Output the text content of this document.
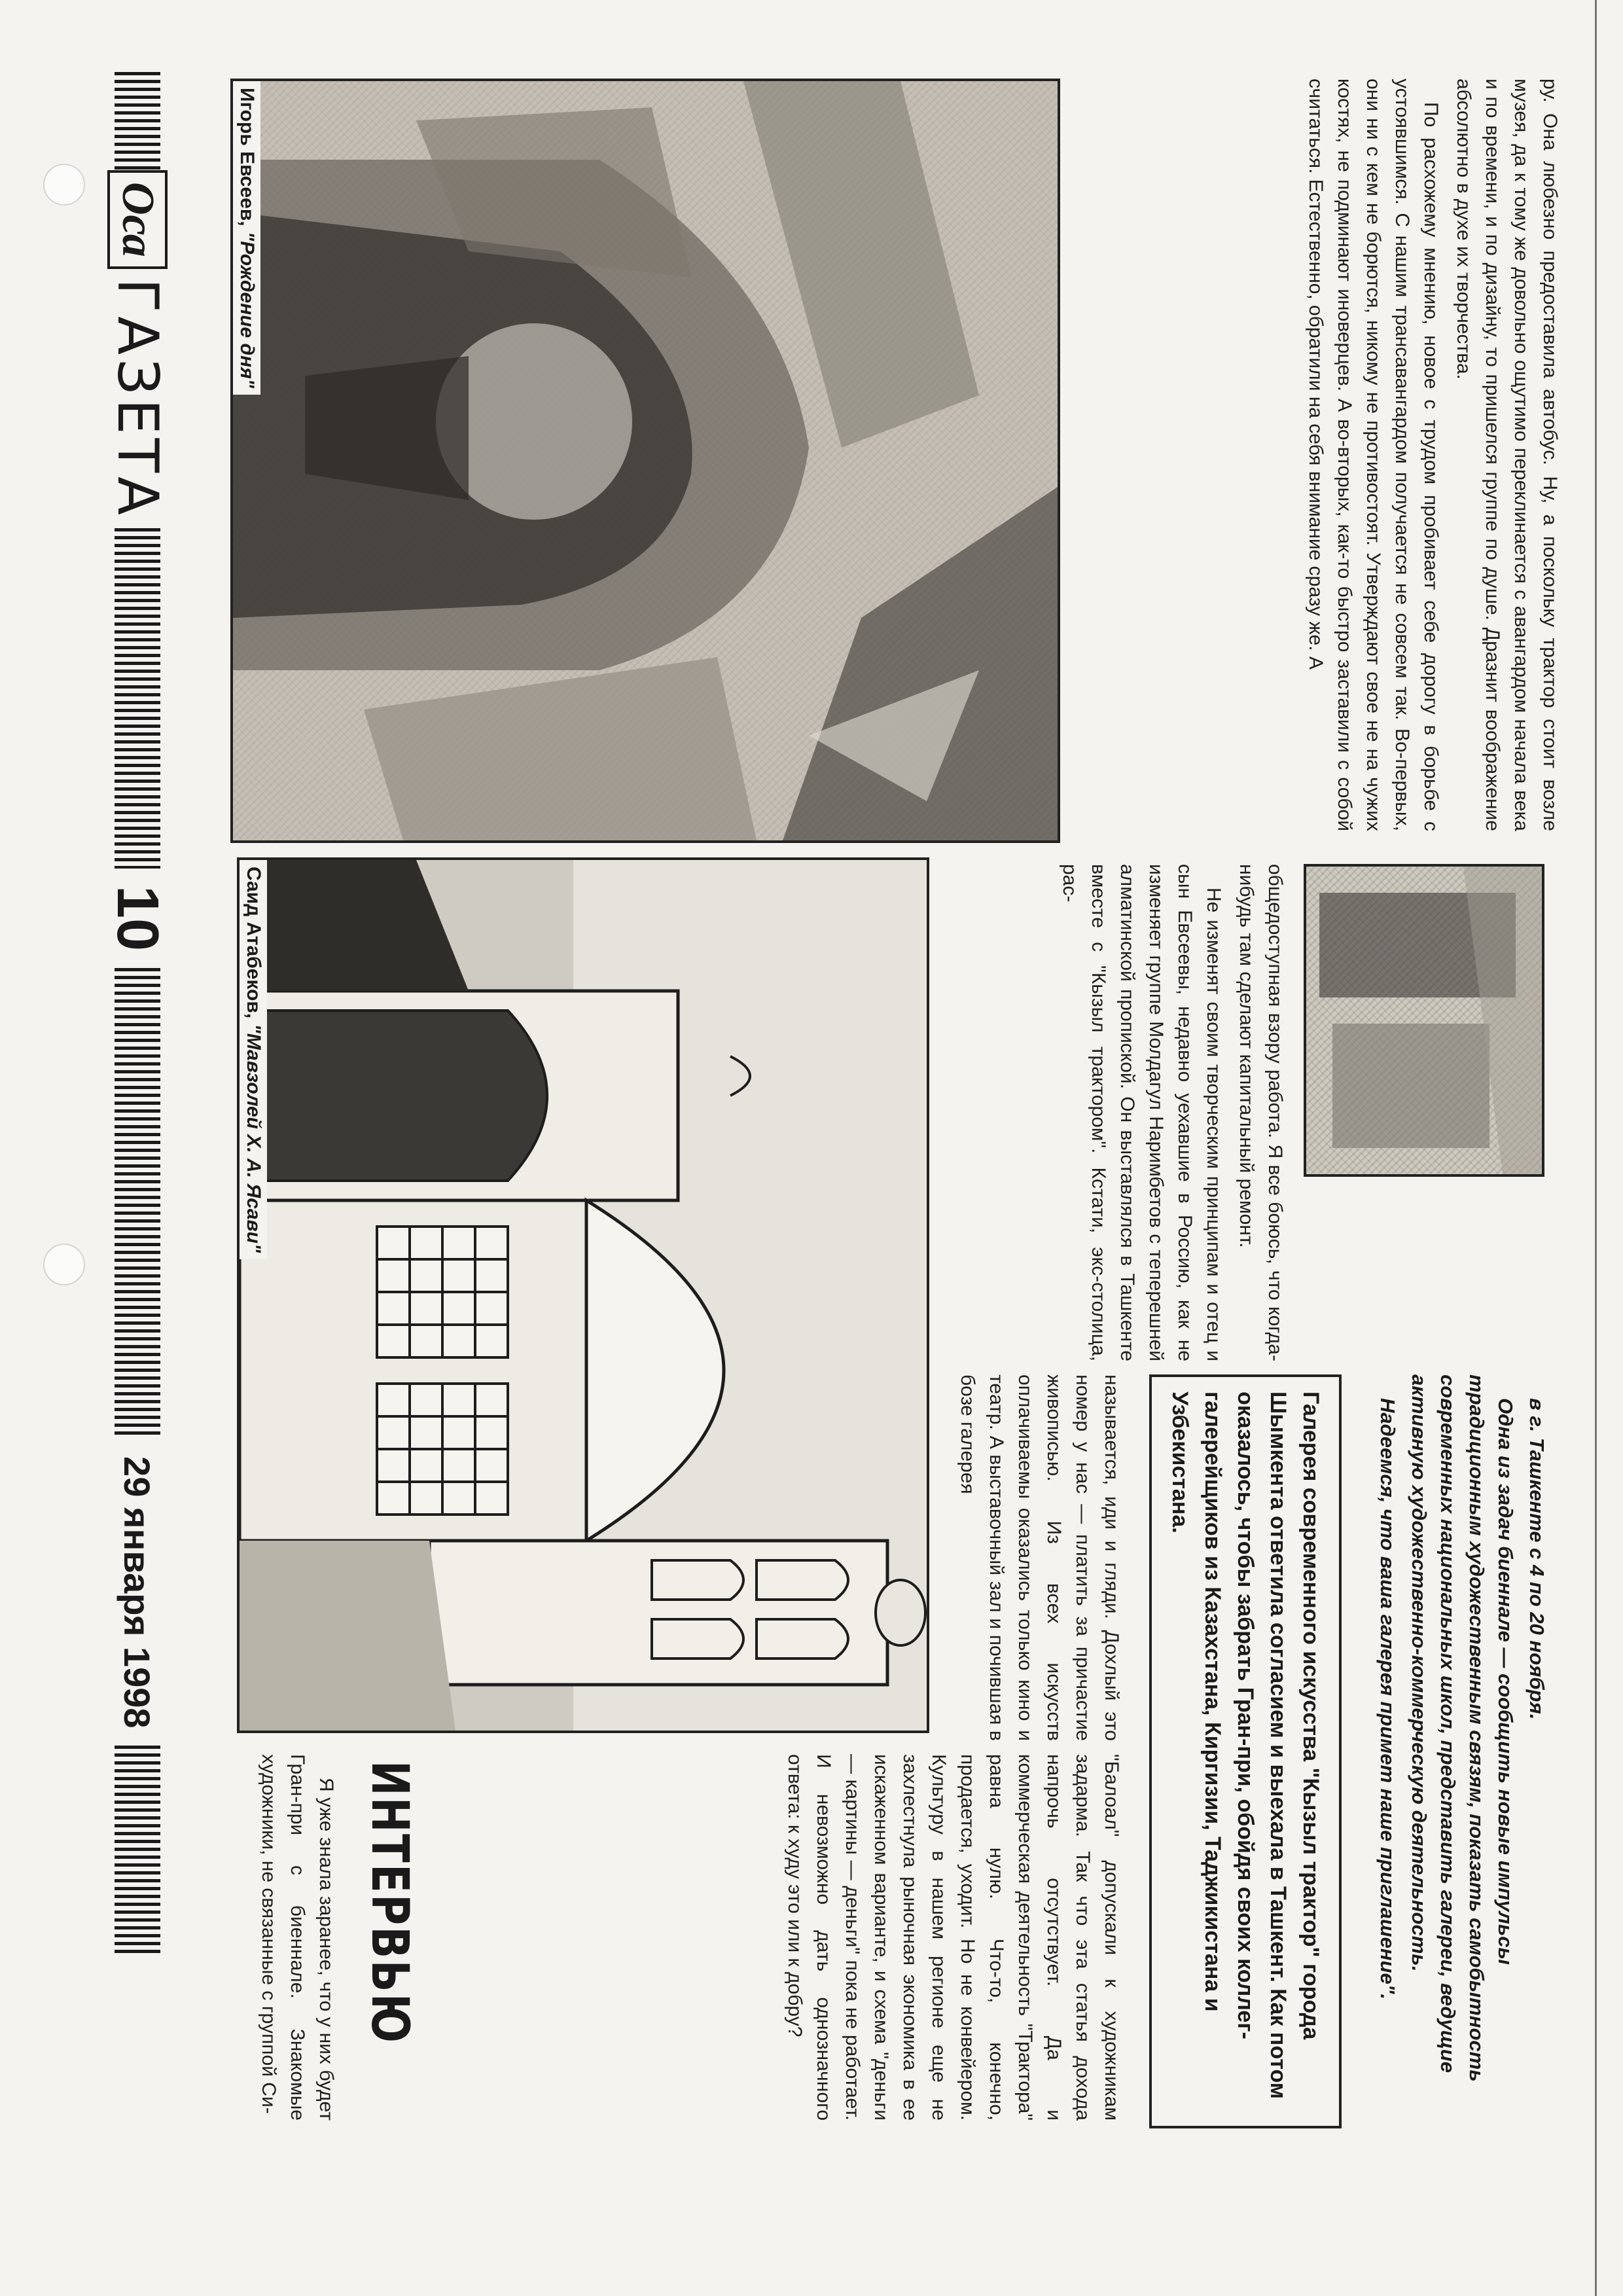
Игорь Евсеев, "Рождение дня"	ру. Она любезно предоставила автобус. Ну, а поскольку трактор стоит возле музея, да к тому же довольно ощутимо переклинается с авангардом начала века и по времени, и по дизайну, то пришелся группе по душе. Дразнит воображение абсолютно в духе их творчества.

По расхожему мнению, новое с трудом пробивает себе дорогу в борьбе с устоявшимся. С нашим трансавангардом получается не совсем так. Во-первых, они ни с кем не борются, никому не противостоят. Утверждают свое не на чужих костях, не подминают иноверцев. А во-вторых, как-то быстро заставили с собой считаться. Естественно, обратили на себя внимание сразу же. А

общедоступная взору работа. Я все боюсь, что когда-нибудь там сделают капитальный ремонт.

Не изменят своим творческим принципам и отец и сын Евсеевы, недавно уехавшие в Россию, как не изменяет группе Молдагул Наримбетов с теперешней алматинской пропиской. Он выставлялся в Ташкенте вместе с "Кызыл трактором". Кстати, экс-столица, рас-

Саид Атабеков, "Мавзолей Х. А. Ясави"

называется, иди и гляди. Дохлый это номер у нас — платить за причастие живописью. Из всех искусств оплачиваемы оказались только кино и театр. А выставочный зал и почившая в бозе галерея	в г. Ташкенте с 4 по 20 ноября.

Одна из задач биеннале — сообщить новые импульсы традиционным художественным связям, показать самобытность современных национальных школ, представить галереи, ведущие активную художественно-коммерческую деятельность.

Надеемся, что ваша галерея примет наше приглашение".

Галерея современного искусства "Кызыл трактор" города Шымкента ответила согласием и выехала в Ташкент. Как потом оказалось, чтобы забрать Гран-при, обойдя своих коллег-галерейщиков из Казахстана, Киргизии, Таджикистана и Узбекистана.

"Балоал" допускали к художникам задарма. Так что эта статья дохода напрочь отсутствует. Да и коммерческая деятельность "Трактора" равна нулю. Что-то, конечно, продается, уходит. Но не конвейером. Культуру в нашем регионе еще не захлестнула рыночная экономика в ее искаженном варианте, и схема "деньги — картины — деньги" пока не работает. И невозможно дать однозначного ответа: к худу это или к добру?

ИНТЕРВЬЮ

Я уже знала заранее, что у них будет Гран-при с биеннале. Знакомые художники, не связанные с группой Си-

Оса
ГАЗЕТА
10
29 января 1998
